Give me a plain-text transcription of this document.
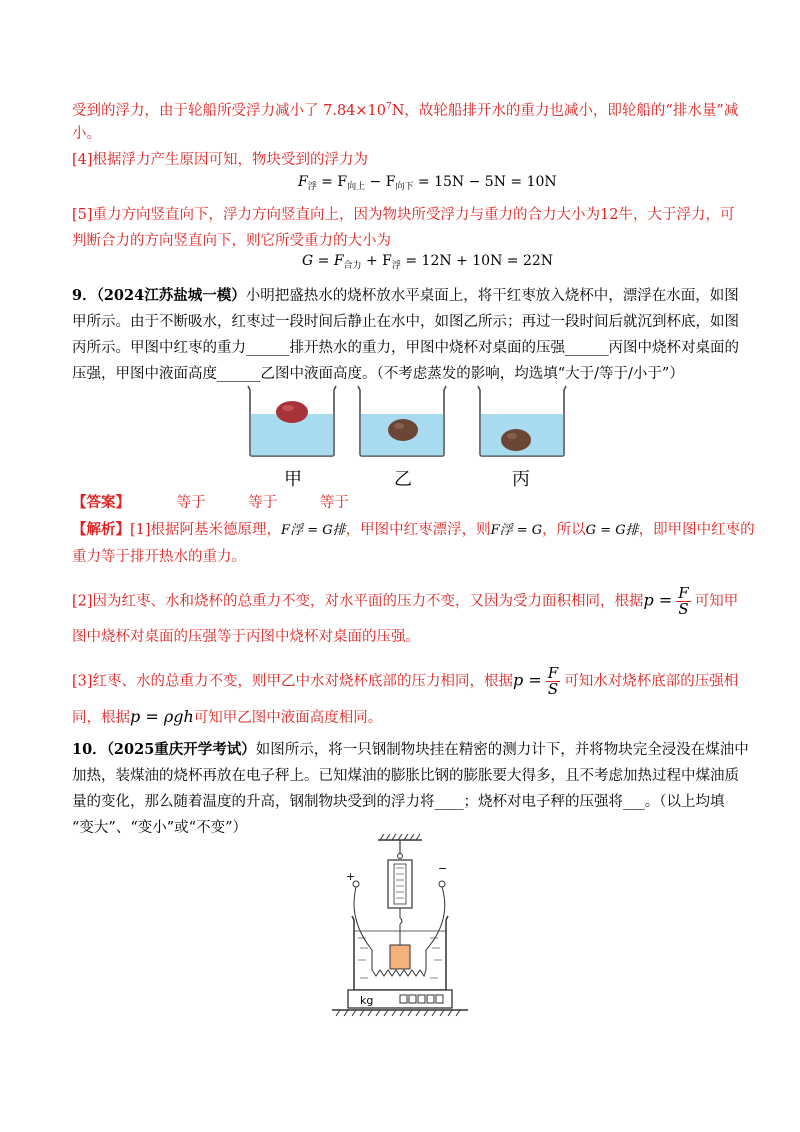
受到的浮力，由于轮船所受浮力减小了 $7.84\times 10^7N$，故轮船排开水的重力也减小，即轮船的“排水量”减
小。
[4]根据浮力产生原因可知，物块受到的浮力为
$F_浮 = F_{向上} - F_{向下} = 15N - 5N = 10N$
[5]重力方向竖直向下，浮力方向竖直向上，因为物块所受浮力与重力的合力大小为12牛，大于浮力，可
判断合力的方向竖直向下，则它所受重力的大小为
$G = F_{合力} + F_浮 = 12N + 10N = 22N$
9．（2024江苏盐城一模）小明把盛热水的烧杯放水平桌面上，将干红枣放入烧杯中，漂浮在水面，如图
甲所示。由于不断吸水，红枣过一段时间后静止在水中，如图乙所示；再过一段时间后就沉到杯底，如图
丙所示。甲图中红枣的重力______排开热水的重力，甲图中烧杯对桌面的压强______丙图中烧杯对桌面的
压强，甲图中液面高度______乙图中液面高度。（不考虑蒸发的影响，均选填“大于/等于/小于”）
甲	乙	丙
【答案】	等于	等于	等于
【解析】[1]根据阿基米德原理，F浮 = G排，甲图中红枣漂浮，则F浮 = G，所以G = G排，即甲图中红枣的
重力等于排开热水的重力。
[2]因为红枣、水和烧杯的总重力不变，对水平面的压力不变，又因为受力面积相同，根据$p = \frac{F}{S}$ 可知甲
图中烧杯对桌面的压强等于丙图中烧杯对桌面的压强。
[3]红枣、水的总重力不变，则甲乙中水对烧杯底部的压力相同，根据$p = \frac{F}{S}$ 可知水对烧杯底部的压强相
同，根据p = ρgh可知甲乙图中液面高度相同。
10．（2025重庆开学考试）如图所示，将一只钢制物块挂在精密的测力计下，并将物块完全浸没在煤油中
加热，装煤油的烧杯再放在电子秤上。已知煤油的膨胀比钢的膨胀要大得多，且不考虑加热过程中煤油质
量的变化，那么随着温度的升高，钢制物块受到的浮力将____；烧杯对电子秤的压强将___。（以上均填
“变大”、“变小”或“不变”）
+
−
kg
